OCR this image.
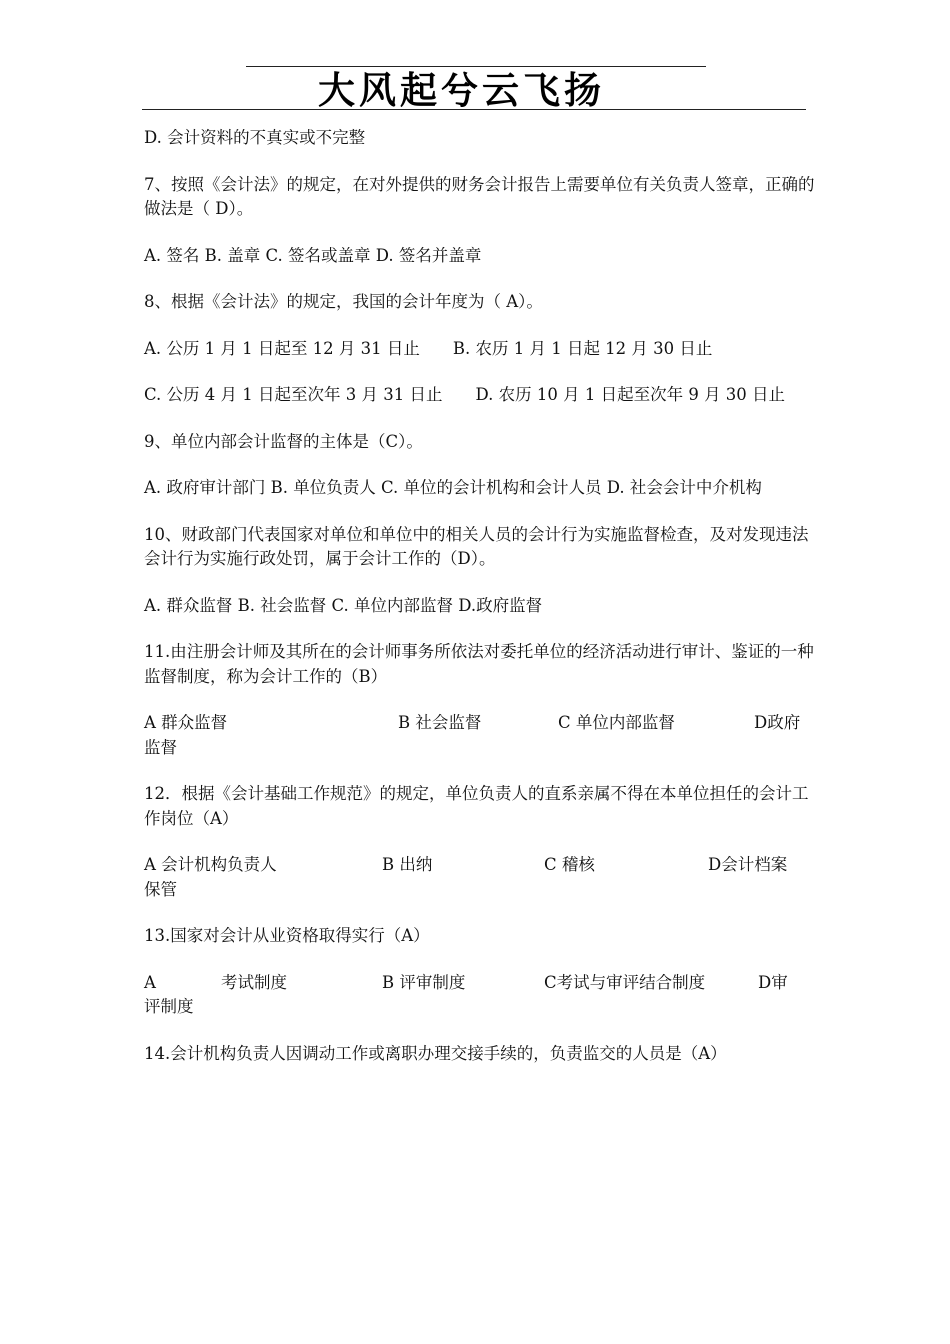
大风起兮云飞扬

D. 会计资料的不真实或不完整

7、按照《会计法》的规定，在对外提供的财务会计报告上需要单位有关负责人签章，正确的做法是（ D）。

A. 签名 B. 盖章 C. 签名或盖章 D. 签名并盖章

8、根据《会计法》的规定，我国的会计年度为（ A）。

A. 公历 1 月 1 日起至 12 月 31 日止　　B. 农历 1 月 1 日起 12 月 30 日止

C. 公历 4 月 1 日起至次年 3 月 31 日止　　D. 农历 10 月 1 日起至次年 9 月 30 日止

9、单位内部会计监督的主体是（C）。

A. 政府审计部门 B. 单位负责人 C. 单位的会计机构和会计人员 D. 社会会计中介机构

10、财政部门代表国家对单位和单位中的相关人员的会计行为实施监督检查，及对发现违法会计行为实施行政处罚，属于会计工作的（D）。

A. 群众监督 B. 社会监督 C. 单位内部监督 D.政府监督

11.由注册会计师及其所在的会计师事务所依法对委托单位的经济活动进行审计、鉴证的一种监督制度，称为会计工作的（B）

A 群众监督	B 社会监督	C 单位内部监督	D政府
监督

12．根据《会计基础工作规范》的规定，单位负责人的直系亲属不得在本单位担任的会计工作岗位（A）

A 会计机构负责人	B 出纳	C 稽核	D会计档案
保管

13.国家对会计从业资格取得实行（A）

A	考试制度	B 评审制度	C考试与审评结合制度	D审
评制度

14.会计机构负责人因调动工作或离职办理交接手续的，负责监交的人员是（A）
